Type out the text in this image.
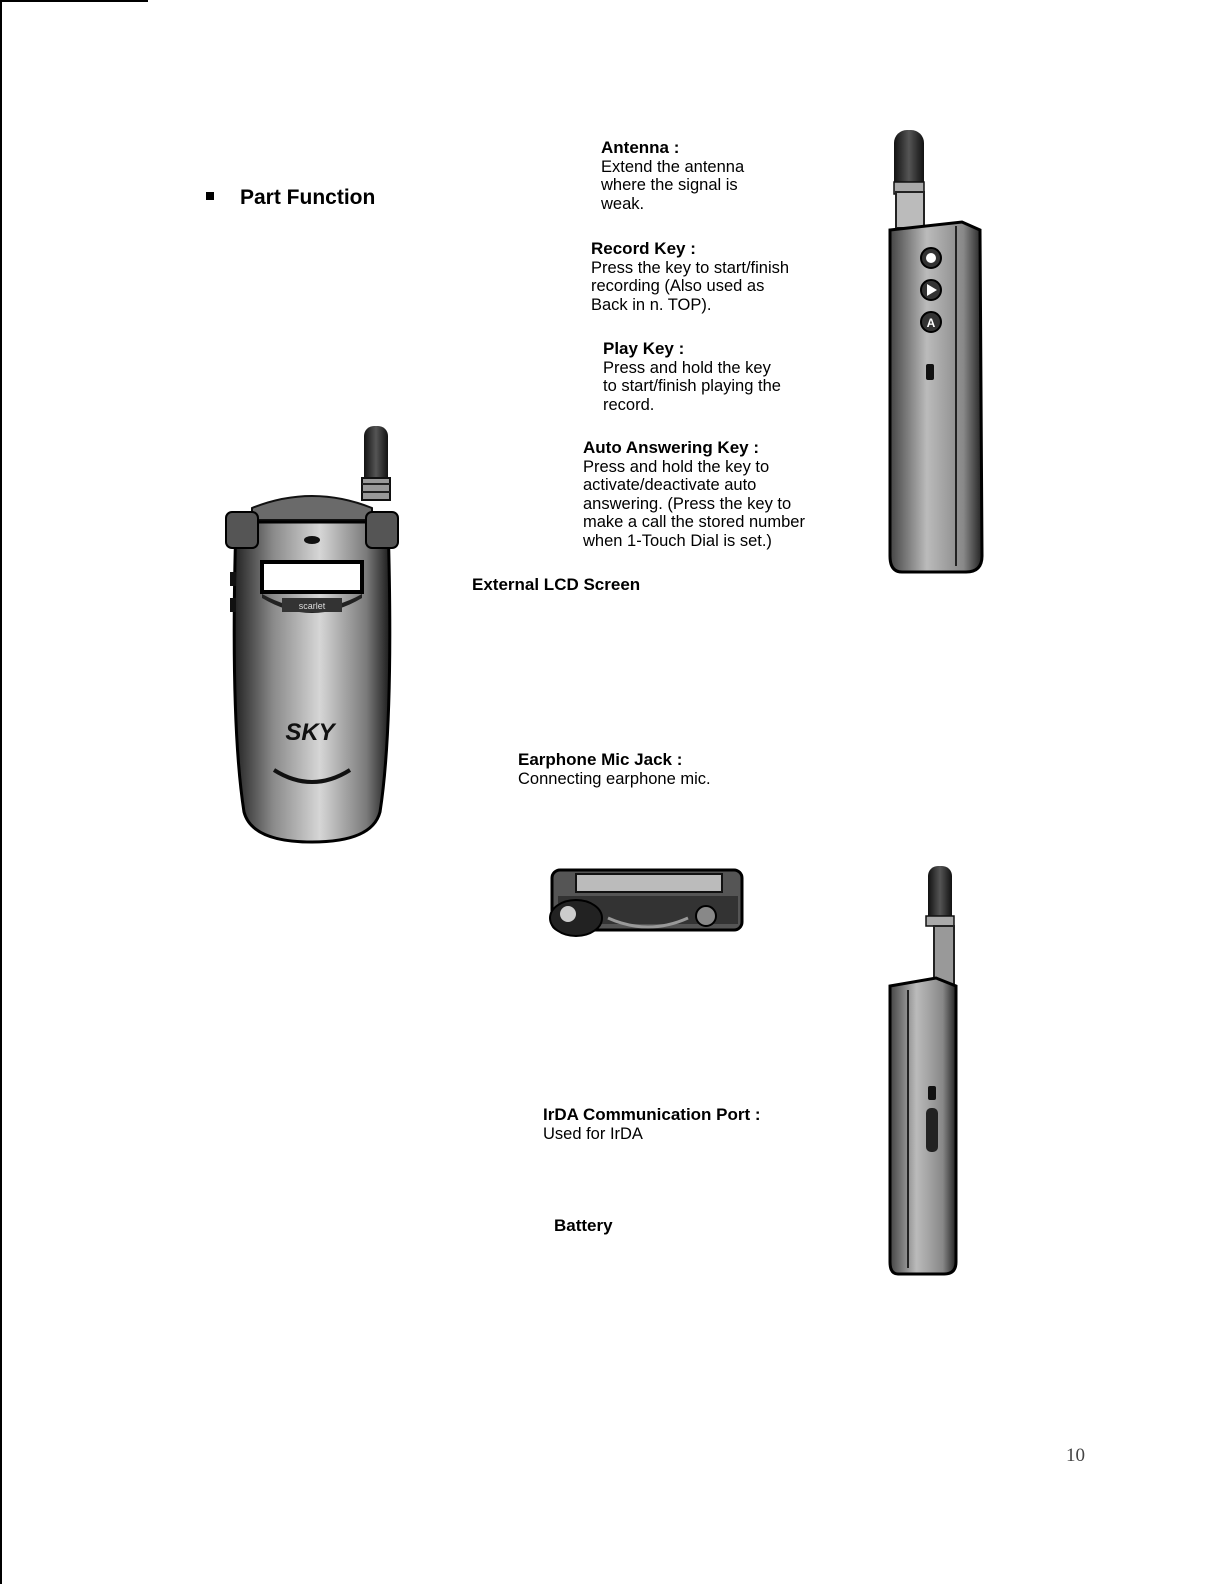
Part Function
Antenna :
Extend the antenna
where the signal is
weak.
Record Key :
Press the key to start/finish
recording (Also used as
Back in n. TOP).
Play Key :
Press and hold the key
to start/finish playing the
record.
Auto Answering Key :
Press and hold the key to
activate/deactivate auto
answering. (Press the key to
make a call the stored number
when 1-Touch Dial is set.)
External LCD Screen
Earphone Mic Jack :
Connecting earphone mic.
IrDA Communication Port :
Used for IrDA
Battery
scarlet
SKY
A
10
